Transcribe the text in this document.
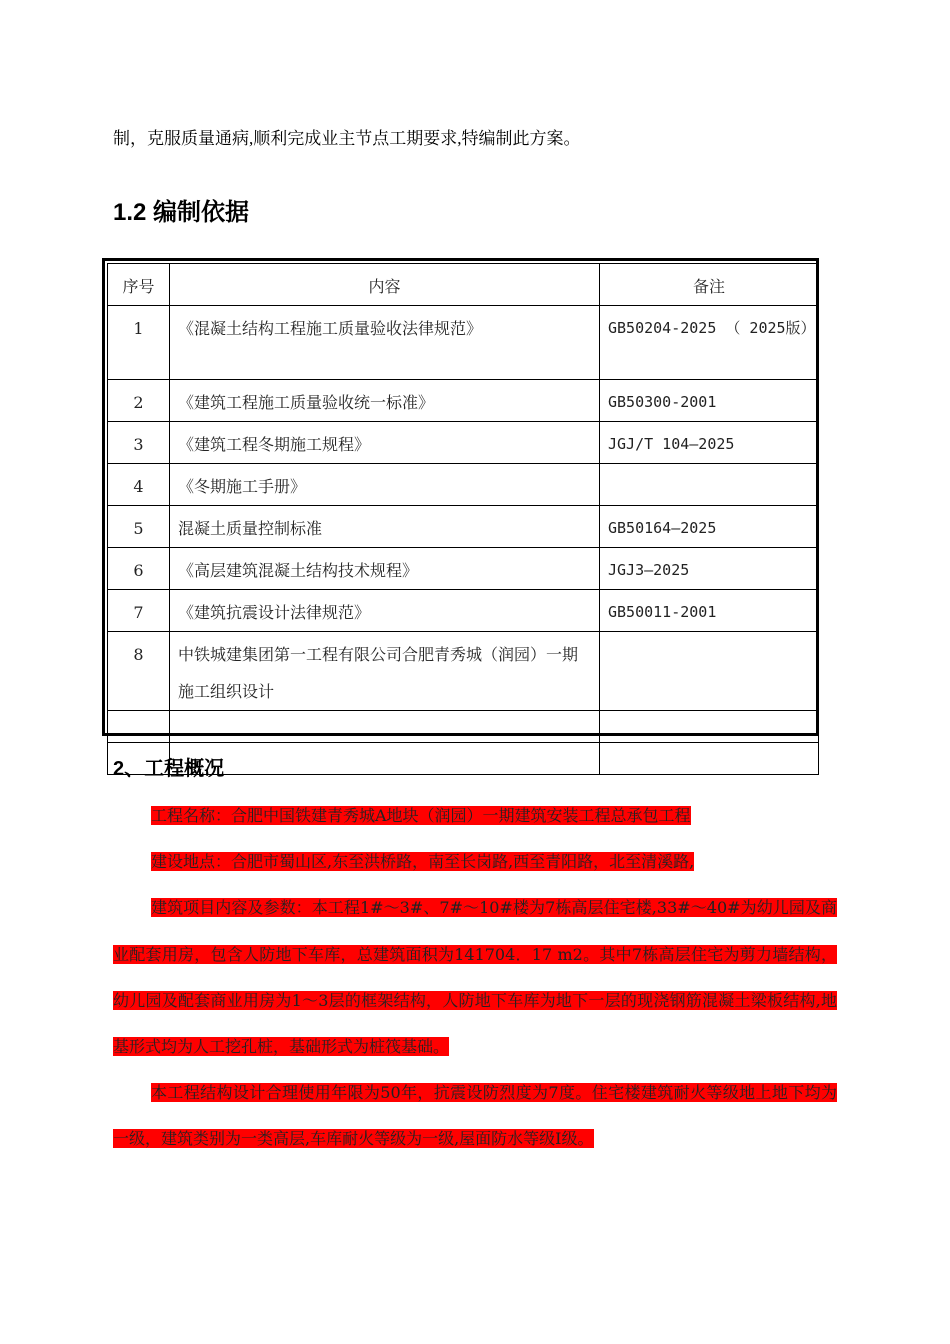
制，克服质量通病,顺利完成业主节点工期要求,特编制此方案。
1.2 编制依据
序号	内容	备注
1	《混凝土结构工程施工质量验收法律规范》	GB50204-2025 （ 2025版）
2	《建筑工程施工质量验收统一标准》	GB50300-2001
3	《建筑工程冬期施工规程》	JGJ/T 104—2025
4	《冬期施工手册》	
5	混凝土质量控制标准	GB50164—2025
6	《高层建筑混凝土结构技术规程》	JGJ3—2025
7	《建筑抗震设计法律规范》	GB50011-2001
8	中铁城建集团第一工程有限公司合肥青秀城（润园）一期施工组织设计	

2、工程概况

工程名称：合肥中国铁建青秀城A地块（润园）一期建筑安装工程总承包工程

建设地点：合肥市蜀山区,东至洪桥路，南至长岗路,西至青阳路，北至清溪路,

建筑项目内容及参数：本工程1#～3#、7#～10#楼为7栋高层住宅楼,33#～40#为幼儿园及商业配套用房，包含人防地下车库，总建筑面积为141704．17 m2。其中7栋高层住宅为剪力墙结构，幼儿园及配套商业用房为1～3层的框架结构，人防地下车库为地下一层的现浇钢筋混凝土梁板结构,地基形式均为人工挖孔桩，基础形式为桩筏基础。

本工程结构设计合理使用年限为50年，抗震设防烈度为7度。住宅楼建筑耐火等级地上地下均为一级，建筑类别为一类高层,车库耐火等级为一级,屋面防水等级Ⅰ级。
